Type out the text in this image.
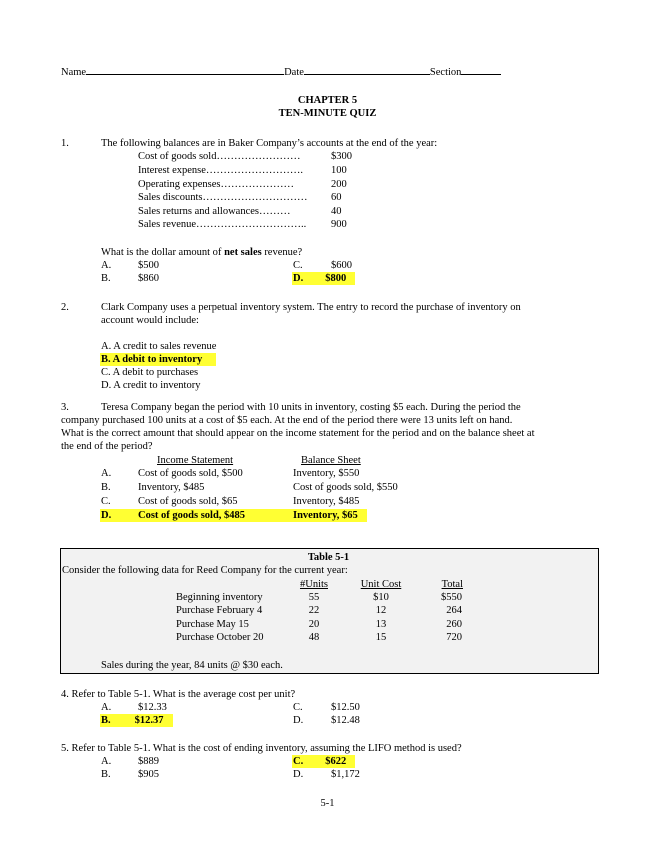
Name	Date	Section
CHAPTER 5
TEN-MINUTE QUIZ
1.	The following balances are in Baker Company’s accounts at the end of the year:
Cost of goods sold……………………	$300
Interest expense……………………….	100
Operating expenses…………………	200
Sales discounts………………………… 60
Sales returns and allowances………	40
Sales revenue………………………….. 900
What is the dollar amount of net sales revenue?
A.	$500
B.	$860
C.	$600
D. $800
2.	Clark Company uses a perpetual inventory system. The entry to record the purchase of inventory on
account would include:
A. A credit to sales revenue
B. A debit to inventory
C. A debit to purchases
D. A credit to inventory
3.	Teresa Company began the period with 10 units in inventory, costing $5 each. During the period the
company purchased 100 units at a cost of $5 each. At the end of the period there were 13 units left on hand.
What is the correct amount that should appear on the income statement for the period and on the balance sheet at
the end of the period?
Income Statement	Balance Sheet
A.	Cost of goods sold, $500	Inventory, $550
B.	Inventory, $485	Cost of goods sold, $550
C.	Cost of goods sold, $65	Inventory, $485
D.	Cost of goods sold, $485	Inventory, $65
Table 5-1
Consider the following data for Reed Company for the current year:
#Units	Unit Cost	Total
Beginning inventory	55	$10	$550
Purchase February 4	22	12	264
Purchase May 15	20	13	260
Purchase October 20	48	15	720
Sales during the year, 84 units @ $30 each.
4. Refer to Table 5-1. What is the average cost per unit?
A.	$12.33
B. $12.37
C.	$12.50
D.	$12.48
5. Refer to Table 5-1. What is the cost of ending inventory, assuming the LIFO method is used?
A.	$889
B.	$905
C. $622
D.	$1,172
5-1
